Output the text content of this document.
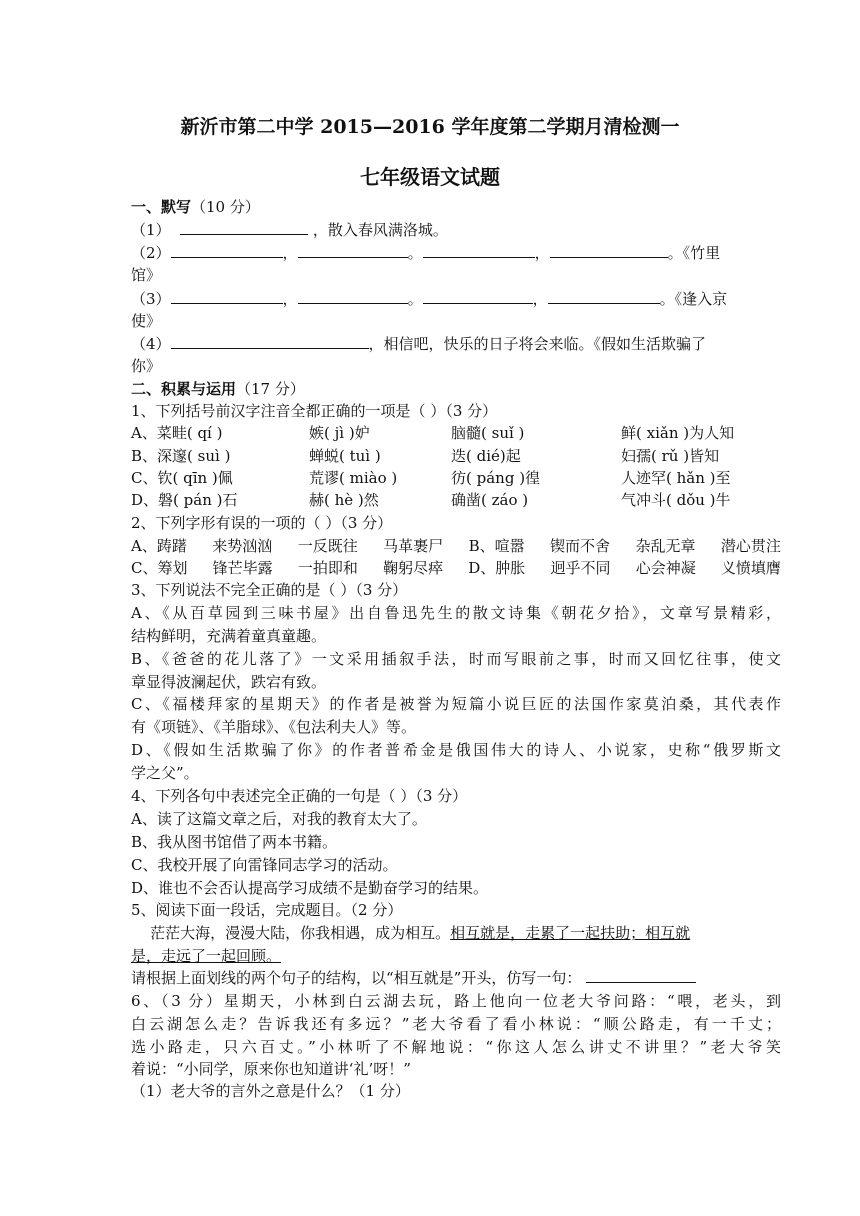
新沂市第二中学 2015—2016 学年度第二学期月清检测一
七年级语文试题
一、默写（10 分）
（1）	，散入春风满洛城。
（2）	，	。	，	。《竹里
馆》
（3）	，	。	，	。《逢入京
使》
（4）	，相信吧，快乐的日子将会来临。《假如生活欺骗了
你》
二、积累与运用（17 分）
1、下列括号前汉字注音全都正确的一项是（ ）（3 分）
A、菜畦( qí )	嫉( jì )妒	脑髓( suǐ )	鲜( xiǎn )为人知
B、深邃( suì )	蝉蜕( tuì )	迭( dié)起	妇孺( rǔ )皆知
C、钦( qīn )佩	荒谬( miào )	彷( páng )徨	人迹罕( hǎn )至
D、磐( pán )石	赫( hè )然	确凿( záo )	气冲斗( dǒu )牛
2、下列字形有误的一项的（ ）（3 分）
A、踌躇 来势汹汹 一反既往 马革裹尸 B、喧嚣 锲而不舍 杂乱无章 潜心贯注
C、筹划 锋芒毕露 一拍即和 鞠躬尽瘁 D、肿胀 迥乎不同 心会神凝 义愤填膺
3、下列说法不完全正确的是（ ）（3 分）
A、《从百草园到三味书屋》出自鲁迅先生的散文诗集《朝花夕拾》，文章写景精彩，
结构鲜明，充满着童真童趣。
B、《爸爸的花儿落了》一文采用插叙手法，时而写眼前之事，时而又回忆往事，使文
章显得波澜起伏，跌宕有致。
C、《福楼拜家的星期天》的作者是被誉为短篇小说巨匠的法国作家莫泊桑，其代表作
有《项链》、《羊脂球》、《包法利夫人》等。
D、《假如生活欺骗了你》的作者普希金是俄国伟大的诗人、小说家，史称“俄罗斯文
学之父”。
4、下列各句中表述完全正确的一句是（ ）（3 分）
A、读了这篇文章之后，对我的教育太大了。
B、我从图书馆借了两本书籍。
C、我校开展了向雷锋同志学习的活动。
D、谁也不会否认提高学习成绩不是勤奋学习的结果。
5、阅读下面一段话，完成题目。（2 分）
茫茫大海，漫漫大陆，你我相遇，成为相互。相互就是，走累了一起扶助；相互就
是，走远了一起回顾。
请根据上面划线的两个句子的结构，以“相互就是”开头，仿写一句：
6、（3 分）星期天，小林到白云湖去玩，路上他向一位老大爷问路：“喂，老头，到
白云湖怎么走？告诉我还有多远？”老大爷看了看小林说：“顺公路走，有一千丈；
选小路走，只六百丈。”小林听了不解地说：“你这人怎么讲丈不讲里？”老大爷笑
着说：“小同学，原来你也知道讲‘礼’呀！”
（1）老大爷的言外之意是什么？（1 分）
